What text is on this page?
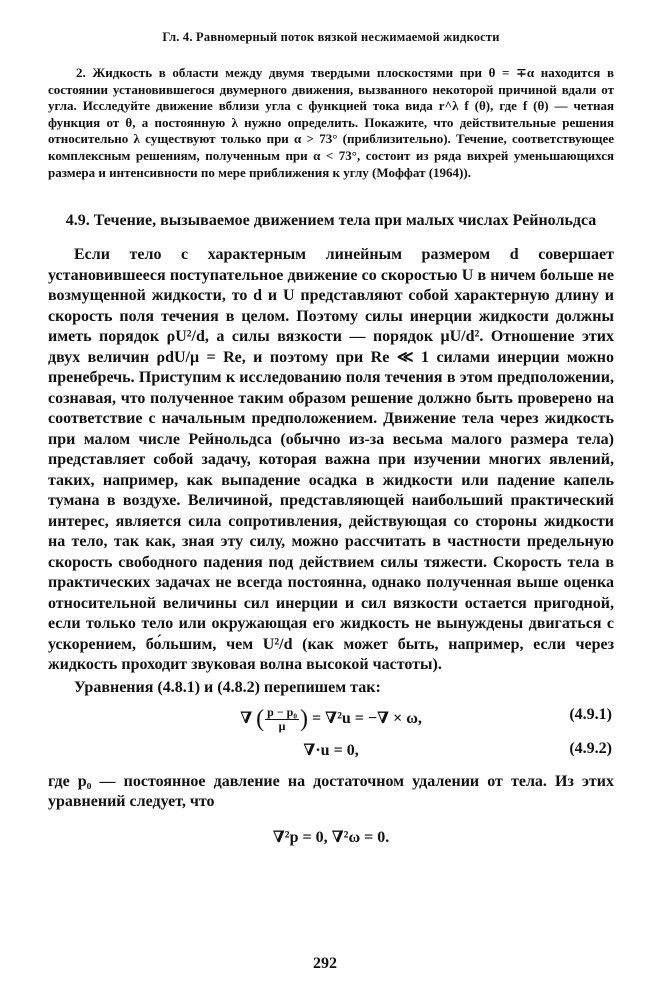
Гл. 4. Равномерный поток вязкой несжимаемой жидкости
2. Жидкость в области между двумя твердыми плоскостями при θ = ∓α находится в состоянии установившегося двумерного движения, вызванного некоторой причиной вдали от угла. Исследуйте движение вблизи угла с функцией тока вида r^λ f (θ), где f (θ) — четная функция от θ, а постоянную λ нужно определить. Покажите, что действительные решения относительно λ существуют только при α > 73° (приблизительно). Течение, соответствующее комплексным решениям, полученным при α < 73°, состоит из ряда вихрей уменьшающихся размера и интенсивности по мере приближения к углу (Моффат (1964)).
4.9. Течение, вызываемое движением тела при малых числах Рейнольдса
Если тело с характерным линейным размером d совершает установившееся поступательное движение со скоростью U в ничем больше не возмущенной жидкости, то d и U представляют собой характерную длину и скорость поля течения в целом. Поэтому силы инерции жидкости должны иметь порядок ρU²/d, а силы вязкости — порядок μU/d². Отношение этих двух величин ρdU/μ = Re, и поэтому при Re ≪ 1 силами инерции можно пренебречь. Приступим к исследованию поля течения в этом предположении, сознавая, что полученное таким образом решение должно быть проверено на соответствие с начальным предположением. Движение тела через жидкость при малом числе Рейнольдса (обычно из-за весьма малого размера тела) представляет собой задачу, которая важна при изучении многих явлений, таких, например, как выпадение осадка в жидкости или падение капель тумана в воздухе. Величиной, представляющей наибольший практический интерес, является сила сопротивления, действующая со стороны жидкости на тело, так как, зная эту силу, можно рассчитать в частности предельную скорость свободного падения под действием силы тяжести. Скорость тела в практических задачах не всегда постоянна, однако полученная выше оценка относительной величины сил инерции и сил вязкости остается пригодной, если только тело или окружающая его жидкость не вынуждены двигаться с ускорением, бо́льшим, чем U²/d (как может быть, например, если через жидкость проходит звуковая волна высокой частоты).
Уравнения (4.8.1) и (4.8.2) перепишем так:
∇ ( $\frac{\text{p − p₀}}{\mu}$ ) = ∇²u = −∇ × ω,	(4.9.1)
∇·u = 0,	(4.9.2)
где p₀ — постоянное давление на достаточном удалении от тела. Из этих уравнений следует, что
∇²p = 0, ∇²ω = 0.
292
